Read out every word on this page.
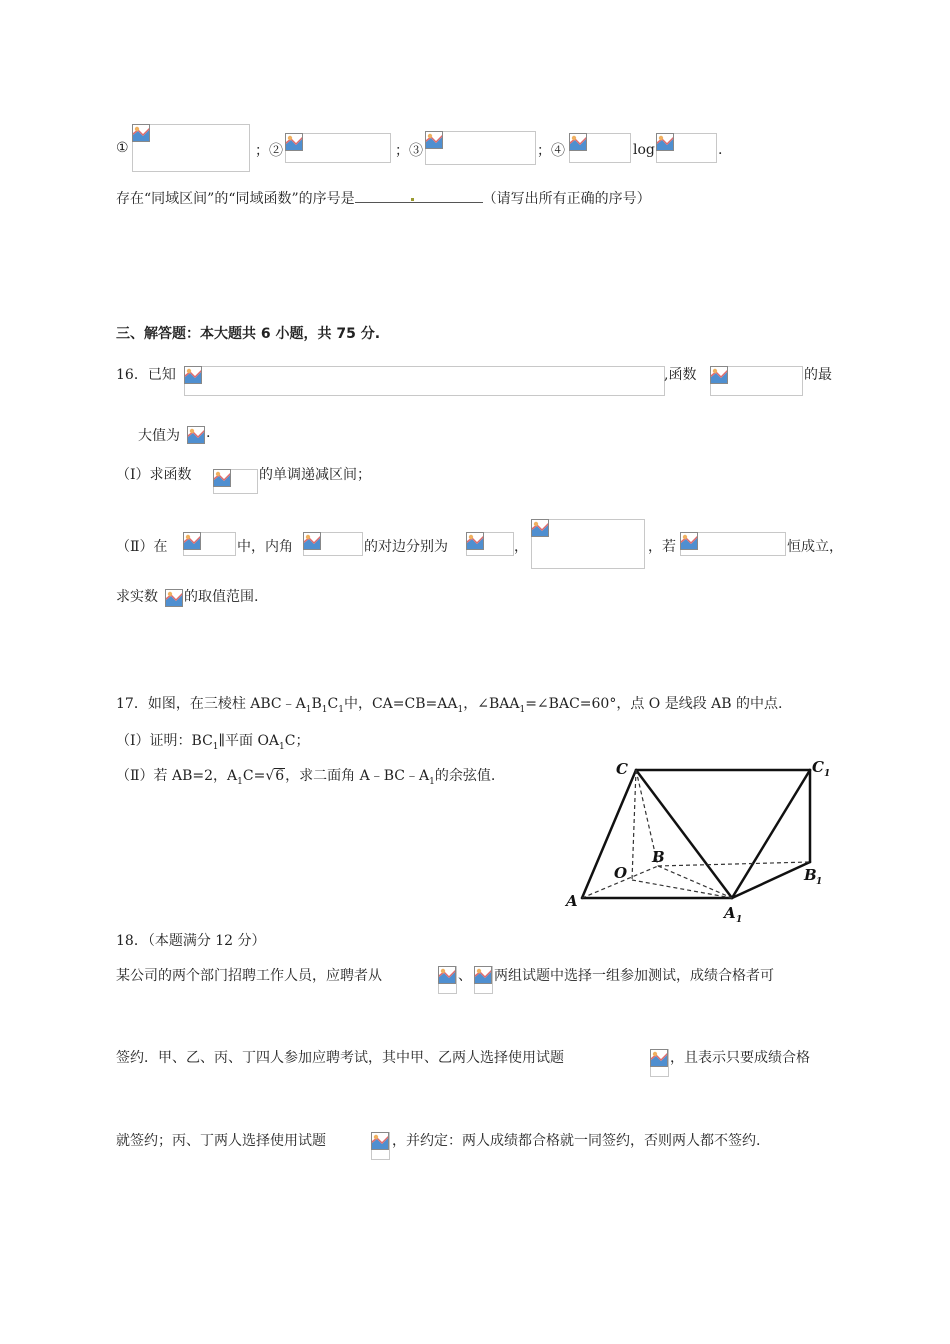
①	；②	；③	；④	log	.
存在“同域区间”的“同域函数”的序号是	（请写出所有正确的序号）
三、解答题：本大题共 6 小题，共 75 分.
16．已知	,函数	的最
大值为 .
（Ⅰ）求函数	的单调递减区间；
（Ⅱ）在	中，内角	的对边分别为	，	，若	恒成立，
求实数 的取值范围.
17．如图，在三棱柱 $ABC﹣A_1B_1C_1$中，$CA=CB=AA_1$，$\angle BAA_1=\angle BAC=60^\circ$，点 O 是线段 AB 的中点.
（Ⅰ）证明：$BC_1\parallel$平面 $OA_1C$；
（Ⅱ）若 AB=2，$A_1C=√6$，求二面角 $A﹣BC﹣A_1$的余弦值.	C	C 1
B
B 1
O
A
A 1
18．（本题满分 12 分）
某公司的两个部门招聘工作人员，应聘者从	、 两组试题中选择一组参加测试，成绩合格者可
签约．甲、乙、丙、丁四人参加应聘考试，其中甲、乙两人选择使用试题	，且表示只要成绩合格
就签约；丙、丁两人选择使用试题	，并约定：两人成绩都合格就一同签约，否则两人都不签约.
